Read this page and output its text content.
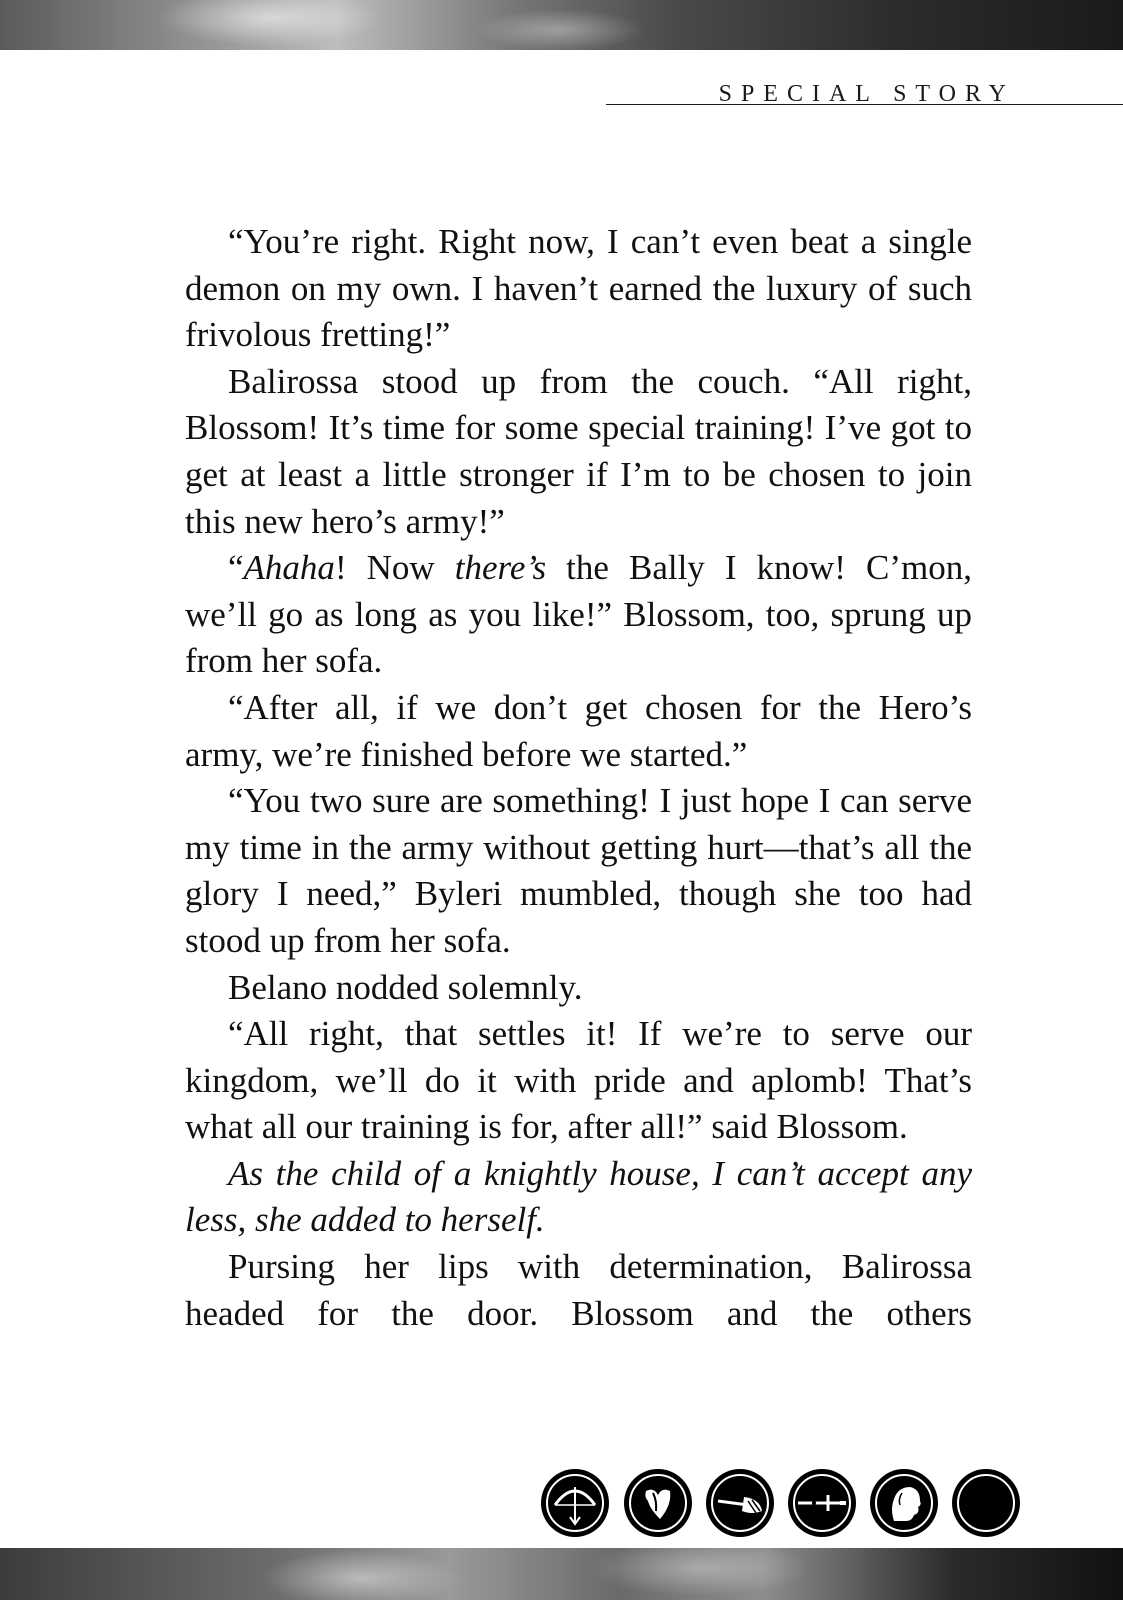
SPECIAL STORY

“You’re right. Right now, I can’t even beat a single demon on my own. I haven’t earned the luxury of such frivolous fretting!”

Balirossa stood up from the couch. “All right, Blossom! It’s time for some special training! I’ve got to get at least a little stronger if I’m to be chosen to join this new hero’s army!”

“Ahaha! Now there’s the Bally I know! C’mon, we’ll go as long as you like!” Blossom, too, sprung up from her sofa.

“After all, if we don’t get chosen for the Hero’s army, we’re finished before we started.”

“You two sure are something! I just hope I can serve my time in the army without getting hurt—that’s all the glory I need,” Byleri mumbled, though she too had stood up from her sofa.

Belano nodded solemnly.

“All right, that settles it! If we’re to serve our kingdom, we’ll do it with pride and aplomb! That’s what all our training is for, after all!” said Blossom.

As the child of a knightly house, I can’t accept any less, she added to herself.

Pursing her lips with determination, Balirossa headed for the door. Blossom and the others
